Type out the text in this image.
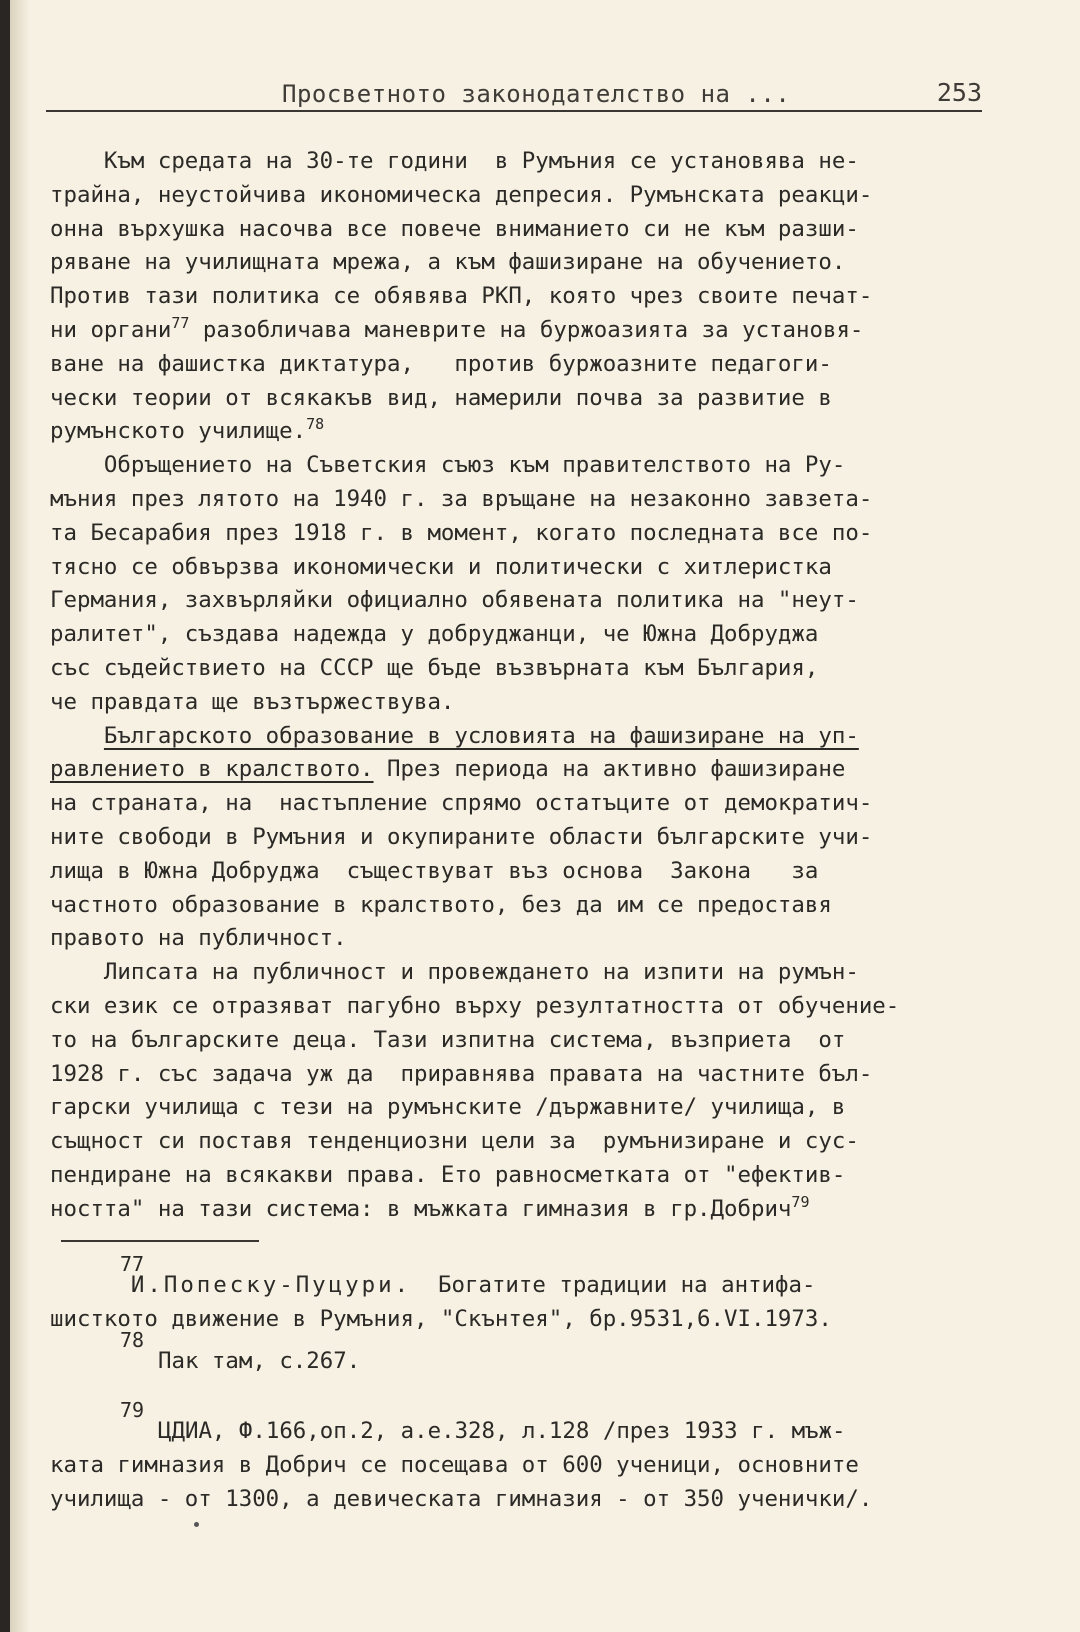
Просветното законодателство на ...	253
Към средата на 30-те години  в Румъния се установява не-
трайна, неустойчива икономическа депресия. Румънската реакци-
онна върхушка насочва все повече вниманието си не към разши-
ряване на училищната мрежа, а към фашизиране на обучението.
Против тази политика се обявява РКП, която чрез своите печат-
ни органи$^{77}$ разобличава маневрите на буржоазията за установя-
ване на фашистка диктатура,   против буржоазните педагоги-
чески теории от всякакъв вид, намерили почва за развитие в
румънското училище.$^{78}$
Обръщението на Съветския съюз към правителството на Ру-
мъния през лятото на 1940 г. за връщане на незаконно завзета-
та Бесарабия през 1918 г. в момент, когато последната все по-
тясно се обвързва икономически и политически с хитлеристка
Германия, захвърляйки официално обявената политика на "неут-
ралитет", създава надежда у добруджанци, че Южна Добруджа
със съдействието на СССР ще бъде възвърната към България,
че правдата ще възтържествува.
Българското образование в условията на фашизиране на уп-
равлението в кралството. През периода на активно фашизиране
на страната, на  настъпление спрямо остатъците от демократич-
ните свободи в Румъния и окупираните области българските учи-
лища в Южна Добруджа  съществуват въз основа  Закона   за
частното образование в кралството, без да им се предоставя
правото на публичност.
Липсата на публичност и провеждането на изпити на румън-
ски език се отразяват пагубно върху резултатността от обучение-
то на българските деца. Тази изпитна система, възприета  от
1928 г. със задача уж да  приравнява правата на частните бъл-
гарски училища с тези на румънските /държавните/ училища, в
същност си поставя тенденциозни цели за  румънизиране и сус-
пендиране на всякакви права. Ето равносметката от "ефектив-
ността" на тази система: в мъжката гимназия в гр.Добрич$^{79}$
77
И.Попеску-Пуцури.  Богатите традиции на антифа-
шисткото движение в Румъния, "Скънтея", бр.9531,6.VI.1973.
78
Пак там, с.267.
79
ЦДИА, Ф.166,оп.2, а.е.328, л.128 /през 1933 г. мъж-
ката гимназия в Добрич се посещава от 600 ученици, основните
училища - от 1300, а девическата гимназия - от 350 ученички/.
